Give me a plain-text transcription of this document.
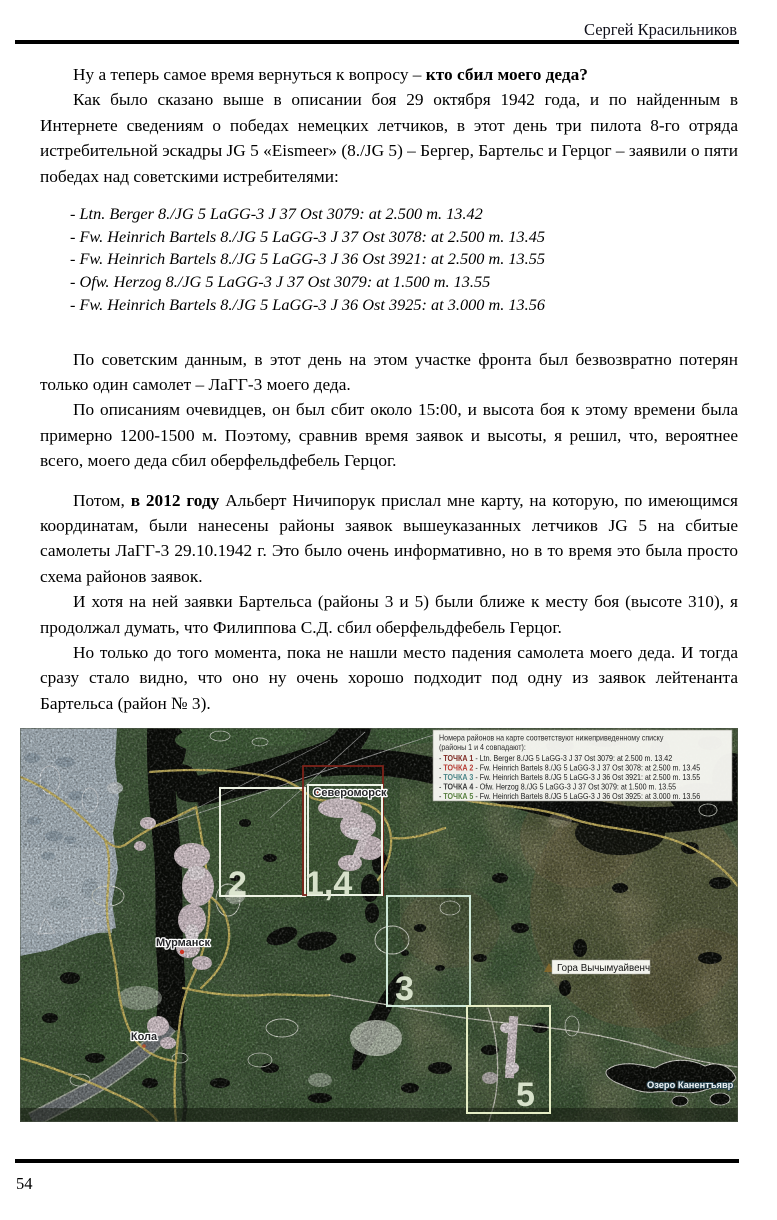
Сергей Красильников

Ну а теперь самое время вернуться к вопросу – кто сбил моего деда?

Как было сказано выше в описании боя 29 октября 1942 года, и по найденным в Интернете сведениям о победах немецких летчиков, в этот день три пилота 8-го отряда истребительной эскадры JG 5 «Eismeer» (8./JG 5) – Бергер, Бартельс и Герцог – заявили о пяти победах над советскими истребителями:

- Ltn. Berger 8./JG 5 LaGG-3 J 37 Ost 3079: at 2.500 m. 13.42
- Fw. Heinrich Bartels 8./JG 5 LaGG-3 J 37 Ost 3078: at 2.500 m. 13.45
- Fw. Heinrich Bartels 8./JG 5 LaGG-3 J 36 Ost 3921: at 2.500 m. 13.55
- Ofw. Herzog 8./JG 5 LaGG-3 J 37 Ost 3079: at 1.500 m. 13.55
- Fw. Heinrich Bartels 8./JG 5 LaGG-3 J 36 Ost 3925: at 3.000 m. 13.56

По советским данным, в этот день на этом участке фронта был безвозвратно потерян только один самолет – ЛаГГ-3 моего деда.

По описаниям очевидцев, он был сбит около 15:00, и высота боя к этому времени была примерно 1200-1500 м. Поэтому, сравнив время заявок и высоты, я решил, что, вероятнее всего, моего деда сбил оберфельдфебель Герцог.

Потом, в 2012 году Альберт Ничипорук прислал мне карту, на которую, по имеющимся координатам, были нанесены районы заявок вышеуказанных летчиков JG 5 на сбитые самолеты ЛаГГ-3 29.10.1942 г. Это было очень информативно, но в то время это была просто схема районов заявок.

И хотя на ней заявки Бартельса (районы 3 и 5) были ближе к месту боя (высоте 310), я продолжал думать, что Филиппова С.Д. сбил оберфельдфебель Герцог.

Но только до того момента, пока не нашли место падения самолета моего деда. И тогда сразу стало видно, что оно ну очень хорошо подходит под одну из заявок лейтенанта Бартельса (район № 3).

2 1,4
3
5
Североморск
Мурманск
Кола
Гора Вычымуайвенч
Озеро Канентъявр
Номера районов на карте соответствуют нижеприведенному списку
(районы 1 и 4 совпадают):
- ТОЧКА 1 - Ltn. Berger 8./JG 5 LaGG-3 J 37 Ost 3079: at 2.500 m. 13.42
- ТОЧКА 2 - Fw. Heinrich Bartels 8./JG 5 LaGG-3 J 37 Ost 3078: at 2.500 m. 13.45
- ТОЧКА 3 - Fw. Heinrich Bartels 8./JG 5 LaGG-3 J 36 Ost 3921: at 2.500 m. 13.55
- ТОЧКА 4 - Ofw. Herzog 8./JG 5 LaGG-3 J 37 Ost 3079: at 1.500 m. 13.55
- ТОЧКА 5 - Fw. Heinrich Bartels 8./JG 5 LaGG-3 J 36 Ost 3925: at 3.000 m. 13.56
54
